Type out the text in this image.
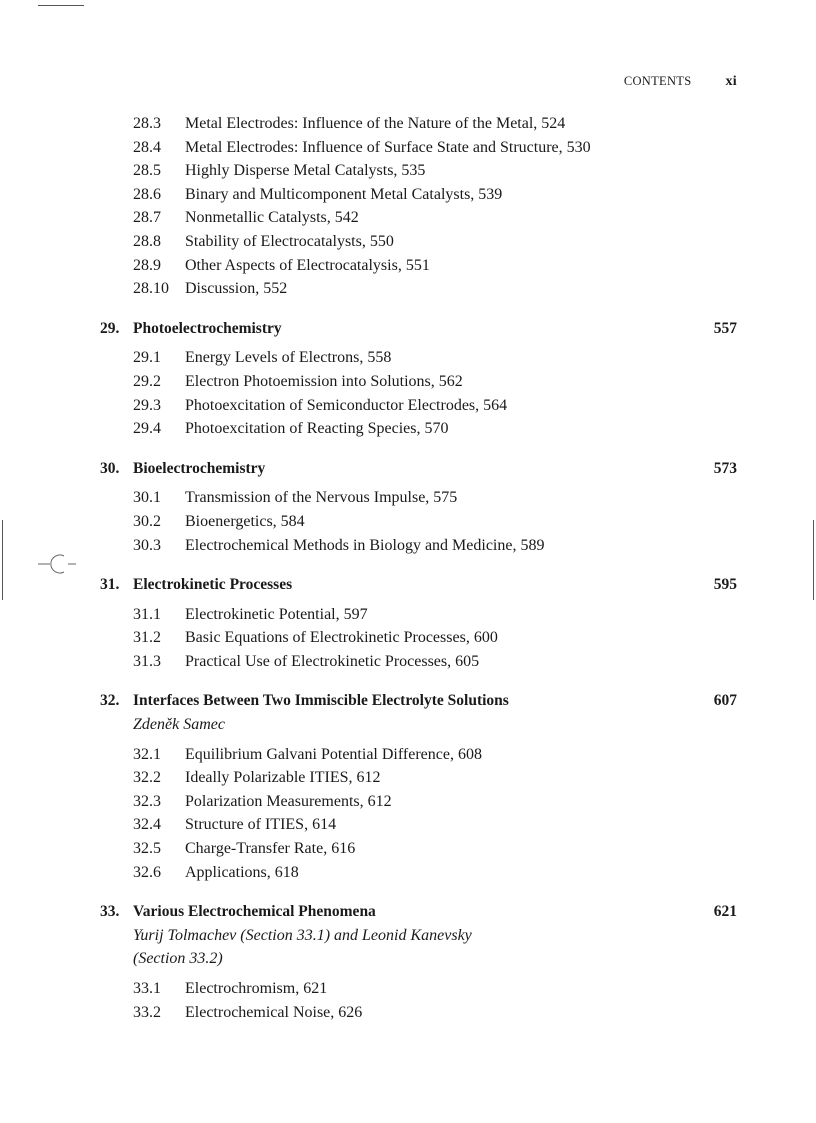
CONTENTS xi
28.3 Metal Electrodes: Influence of the Nature of the Metal, 524
28.4 Metal Electrodes: Influence of Surface State and Structure, 530
28.5 Highly Disperse Metal Catalysts, 535
28.6 Binary and Multicomponent Metal Catalysts, 539
28.7 Nonmetallic Catalysts, 542
28.8 Stability of Electrocatalysts, 550
28.9 Other Aspects of Electrocatalysis, 551
28.10 Discussion, 552
29. Photoelectrochemistry	557
29.1 Energy Levels of Electrons, 558
29.2 Electron Photoemission into Solutions, 562
29.3 Photoexcitation of Semiconductor Electrodes, 564
29.4 Photoexcitation of Reacting Species, 570
30. Bioelectrochemistry	573
30.1 Transmission of the Nervous Impulse, 575
30.2 Bioenergetics, 584
30.3 Electrochemical Methods in Biology and Medicine, 589
31. Electrokinetic Processes	595
31.1 Electrokinetic Potential, 597
31.2 Basic Equations of Electrokinetic Processes, 600
31.3 Practical Use of Electrokinetic Processes, 605
32. Interfaces Between Two Immiscible Electrolyte Solutions	607
Zdeněk Samec
32.1 Equilibrium Galvani Potential Difference, 608
32.2 Ideally Polarizable ITIES, 612
32.3 Polarization Measurements, 612
32.4 Structure of ITIES, 614
32.5 Charge-Transfer Rate, 616
32.6 Applications, 618
33. Various Electrochemical Phenomena	621
Yurij Tolmachev (Section 33.1) and Leonid Kanevsky
(Section 33.2)
33.1 Electrochromism, 621
33.2 Electrochemical Noise, 626
